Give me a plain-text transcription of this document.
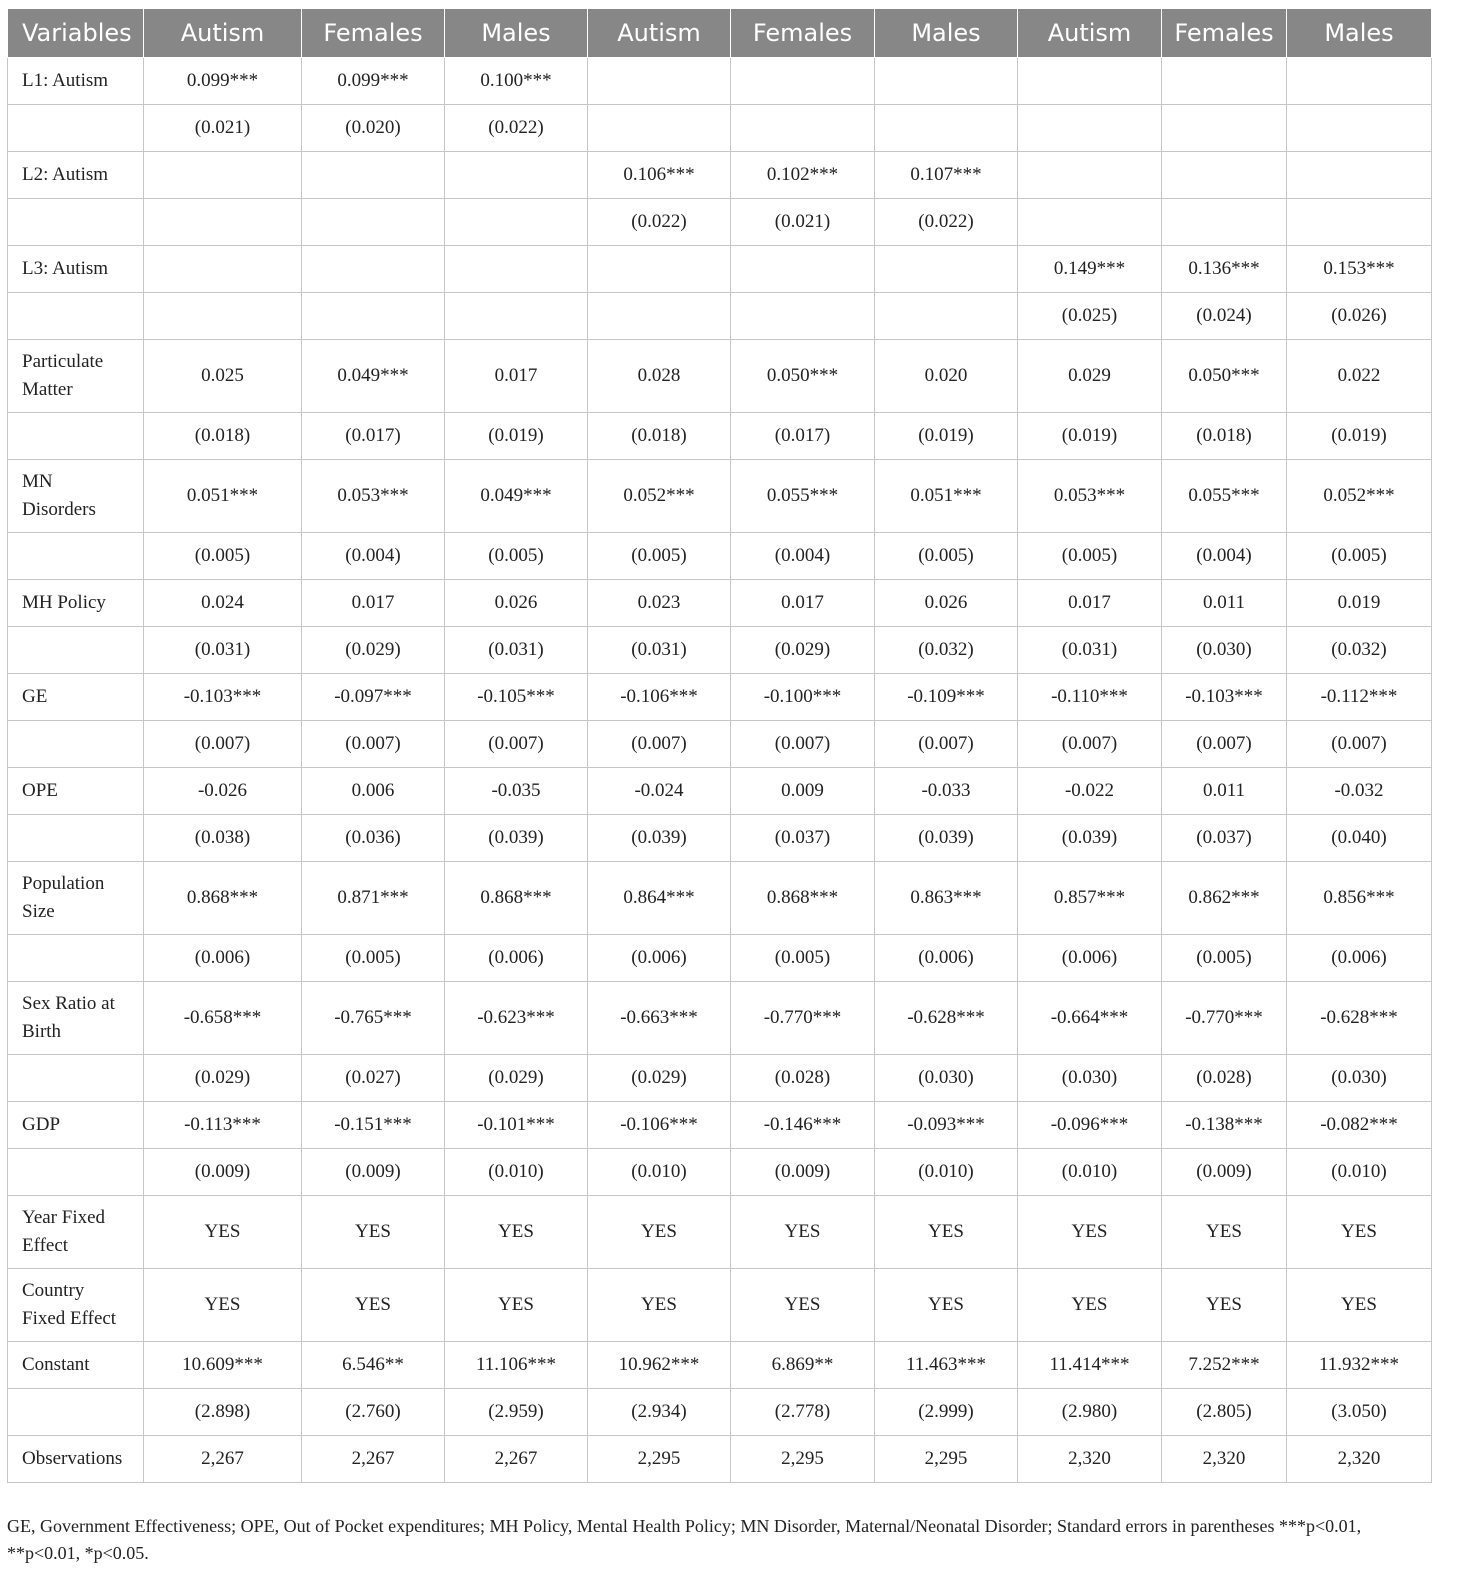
Variables	Autism	Females	Males	Autism	Females	Males	Autism	Females	Males
L1: Autism	0.099***	0.099***	0.100***						
	(0.021)	(0.020)	(0.022)						
L2: Autism				0.106***	0.102***	0.107***			
				(0.022)	(0.021)	(0.022)			
L3: Autism							0.149***	0.136***	0.153***
							(0.025)	(0.024)	(0.026)
Particulate
Matter	0.025	0.049***	0.017	0.028	0.050***	0.020	0.029	0.050***	0.022
	(0.018)	(0.017)	(0.019)	(0.018)	(0.017)	(0.019)	(0.019)	(0.018)	(0.019)
MN
Disorders	0.051***	0.053***	0.049***	0.052***	0.055***	0.051***	0.053***	0.055***	0.052***
	(0.005)	(0.004)	(0.005)	(0.005)	(0.004)	(0.005)	(0.005)	(0.004)	(0.005)
MH Policy	0.024	0.017	0.026	0.023	0.017	0.026	0.017	0.011	0.019
	(0.031)	(0.029)	(0.031)	(0.031)	(0.029)	(0.032)	(0.031)	(0.030)	(0.032)
GE	-0.103***	-0.097***	-0.105***	-0.106***	-0.100***	-0.109***	-0.110***	-0.103***	-0.112***
	(0.007)	(0.007)	(0.007)	(0.007)	(0.007)	(0.007)	(0.007)	(0.007)	(0.007)
OPE	-0.026	0.006	-0.035	-0.024	0.009	-0.033	-0.022	0.011	-0.032
	(0.038)	(0.036)	(0.039)	(0.039)	(0.037)	(0.039)	(0.039)	(0.037)	(0.040)
Population
Size	0.868***	0.871***	0.868***	0.864***	0.868***	0.863***	0.857***	0.862***	0.856***
	(0.006)	(0.005)	(0.006)	(0.006)	(0.005)	(0.006)	(0.006)	(0.005)	(0.006)
Sex Ratio at
Birth	-0.658***	-0.765***	-0.623***	-0.663***	-0.770***	-0.628***	-0.664***	-0.770***	-0.628***
	(0.029)	(0.027)	(0.029)	(0.029)	(0.028)	(0.030)	(0.030)	(0.028)	(0.030)
GDP	-0.113***	-0.151***	-0.101***	-0.106***	-0.146***	-0.093***	-0.096***	-0.138***	-0.082***
	(0.009)	(0.009)	(0.010)	(0.010)	(0.009)	(0.010)	(0.010)	(0.009)	(0.010)
Year Fixed
Effect	YES	YES	YES	YES	YES	YES	YES	YES	YES
Country
Fixed Effect	YES	YES	YES	YES	YES	YES	YES	YES	YES
Constant	10.609***	6.546**	11.106***	10.962***	6.869**	11.463***	11.414***	7.252***	11.932***
	(2.898)	(2.760)	(2.959)	(2.934)	(2.778)	(2.999)	(2.980)	(2.805)	(3.050)
Observations	2,267	2,267	2,267	2,295	2,295	2,295	2,320	2,320	2,320
GE, Government Effectiveness; OPE, Out of Pocket expenditures; MH Policy, Mental Health Policy; MN Disorder, Maternal/Neonatal Disorder; Standard errors in parentheses ***p<0.01, **p<0.01, *p<0.05.
